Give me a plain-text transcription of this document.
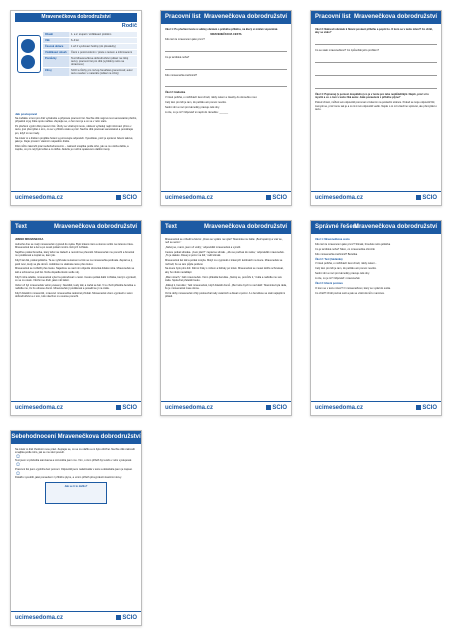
Mravenečkova dobrodružství
Rodič
Obsah	1. a 2. stupeň / vzdělávací problém
Věk	6–9 let
Časová dotace	1 až 2 vyučovací hodiny (do přestávky)
Vzdělávací obsah	Čtení s porozuměním / práce s textem a informacemi
Pomůcky	Text Mravenečkova dobrodružství (odkaz na zdroj textu), pracovní list pro dítě (vytištěný nebo na obrazovce)
Zdroj	SCIO a Úlohy pro rozvoj čtenářské gramotnosti; autor textu uveden v materiálu (odkaz na zdroj)
Jak postupovat

Na začátku si text pro dítě vytiskněte a připravte pracovní list. Nechte dítě nejprve text samostatně přečíst, případně si jej čtěte spolu nahlas. Zeptejte se, o čem text je a co se v něm stalo.

Po přečtení vyplní dítě pracovní list. Úlohy se vztahují k textu, některé vyžadují najít informaci přímo v textu, jiné přemýšlet o tom, co se v příběhu stalo a proč. Nechte dítě pracovat samostatně a pomáhejte jen, když si neví rady.

Na závěr si s dítětem projděte řešení a porovnejte odpovědi. Vysvětlete, proč je správné řešení takové, jaké je. Dejte prostor i vlastním nápadům dítěte.

Dítě může zakončit práci sebehodnocením – nakreslí smajlíka podle toho, jak se mu úloha dařila, a zapíše, co pro něj bylo lehké a co těžké. Aktivitu je možné opakovat s dalšími texty.

ucimesedoma.cz	SCIO
Pracovní list Mravenečkova dobrodružství

Úkol 1: Po přečtení textu si udělej obrázek o průběhu příběhu, na který si můžeš vzpomínat.

MRAVENEČKOVA CESTA

Kdo šel za mravencem jako první?

Co je ta lidská noha?

Kdo mravenečka zachránil?

Úkol 2: Hádanka

V trávě pobíhá, o nožičkách šest chodí, nikdy nelení a zásoby do domečku nosí.

Celý den pro lidi je tam, do pelíšku ani pomoc nevolá.

Sedmi dní a noci pro kámošky pracuje celé dny.

A víte, co je to? Odpověď si napiš do rámečku: ______

ucimesedoma.cz	SCIO
Pracovní list Mravenečkova dobrodružství

Úkol 3: Nakresli obrázek k hlavní postavě příběhu a popiš ho. O kom se v textu mluví? Co chtěl, aby se stalo?

Co se stalo mravenečkovi? Co způsobilo jeho problém?

Úkol 4: Pojmenuj (s pomocí dospělého) co je v textu pro tebe nejdůležitější. Napiš, proč si to myslíš a co o tom v textu říká autor. Jaké ponaučení z příběhu plyne?

Pokud chceš, můžeš své odpovědi porovnat s řešením na poslední stránce. Pokud se tvoje odpověď liší, zamysli se, proč tomu tak je a co tě k tvé odpovědi vedlo. Nejde o to mít všechno správně, ale přemýšlet o textu.

ucimesedoma.cz	SCIO
Text	Mravenečkova dobrodružství

JMÉNO MRAVENEČKA

Jednoho dne se malý mraveneček vypravil do světa. Bylo krásné ráno a slunce svítilo na zelenou trávu. Mraveneček šel a šel a po cestě potkal mnoho různých zvířátek.

Nejdříve potkal broučka, který ležel na zádech a nemohl se převrátit. Mraveneček mu pomohl a brouček mu poděkoval a zeptal se, kam jde.

Když šel dál, potkal ještěrku. Ta se vyhřívala na kameni a líně se na mravenečka podívala. Zeptal se jí, jestli neví, kudy se jde domů. Ještěrka mu ukázala cestu přes louku.

Mraveneček se rozběhl přes louku. Najednou se nad ním objevila obrovská lidská noha. Mraveneček se lekl a schoval se pod list. Noha dopadla těsně vedle něj.

Když noha odešla, mraveneček vylezl a pokračoval v cestě. Cestou potkal další zvířátka, kterým vyprávěl, co se mu stalo. Všichni se divili, jaké měl štěstí.

Večer už byl mraveneček velmi unavený. Nevěděl, kudy dál, a začal se bát. V tu chvíli přiletěla beruška a nabídla mu, že ho odnese domů. Mraveneček jí poděkoval a posadil se jí na záda.

Když doletěli k mraveništi, mravenci mravenečka radostně přivítali. Mraveneček všem vyprávěl o svém dobrodružství a o tom, kdo všechno mu cestou pomohl.

ucimesedoma.cz	SCIO
Text	Mravenečkova dobrodružství

Mraveneček se vzbudil a řekl si: „Dnes se vydám na výlet!“ Maminka mu řekla: „Buď opatrný a vrať se, než se setmí.“

„Neboj se, mami, jsem už velký,“ odpověděl mraveneček a vyrazil.

Cestou potkal slimáka. „Kam jdeš?“ zeptal se slimák. „Jdu se podívat do světa,“ odpověděl mraveneček. „To je daleko. Dávej si pozor na lidi,“ radil slimák.

Mraveneček šel dál a potkal motýla. Motýl mu vyprávěl o krásných květinách na louce. Mraveneček se rozhodl, že se tam půjde podívat.

Na louce bylo plno lidí. Děti si hrály s míčem a běhaly po trávě. Mraveneček se musel dobře schovávat, aby ho nikdo nezašlápl.

„Mám strach,“ řekl mraveneček. Vtom přiletěla beruška. „Neboj se, pomůžu ti,“ řekla a nabídla mu svá záda. Společně přeletěli louku.

„Děkuji ti, beruško,“ řekl mraveneček, když doletěli domů. „Bez tebe bych to nezvládl.“ Maminka byla ráda, že je mraveneček zase doma.

Od té doby mraveneček vždy poslouchal rady ostatních a dával si pozor. A s beruškou se stali nejlepšími přáteli.

ucimesedoma.cz	SCIO
Správné řešení
Mravenečkova dobrodružství

Úkol 1: Mravenečkova cesta

Kdo šel za mravencem jako první? Slimák, brouček nebo ještěrka

Co je ta lidská noha? Něco, co mravenečka ohrozilo

Kdo mravenečka zachránil? Beruška

Úkol 2: Text (hádanka)

V trávě pobíhá, o nožičkách šest chodí, nikdy nelení...

Celý den pro lidi je tam, do pelíšku ani pomoc nevolá.

Sedmi dní a noci pro kámošky pracuje celé dny.

A víte, co je to? Odpověď: mraveneček

Úkol 3: Hlavní postava

O kom se v textu mluví? O mravenečkovi, který se vydal do světa.

Co chtěl? Chtěl poznat svět a pak se vrátit domů k mamince.

ucimesedoma.cz	SCIO
Sebehodnocení Mravenečkova dobrodružství

Na závěr si dítě zhodnotí svou práci. Zeptejte se, co se mu dařilo a co bylo obtížné. Nechte dítě zakreslit smajlíka podle toho, jak se mu úkol povedl.

☺

Text jsem si přečetl/a sám/sama a rozuměl/a jsem mu. Vím, o čem příběh byl a kdo v něm vystupoval.

☺

Pracovní list jsem vyplnil/a bez pomoci. Odpovědi jsem našel/našla v textu a dokázal/a jsem je zapsat.

☺

Dokážu vysvětlit, jaké ponaučení z příběhu plyne, a umím příběh převyprávět vlastními slovy.

Jak se ti to dařilo?
ucimesedoma.cz	SCIO
